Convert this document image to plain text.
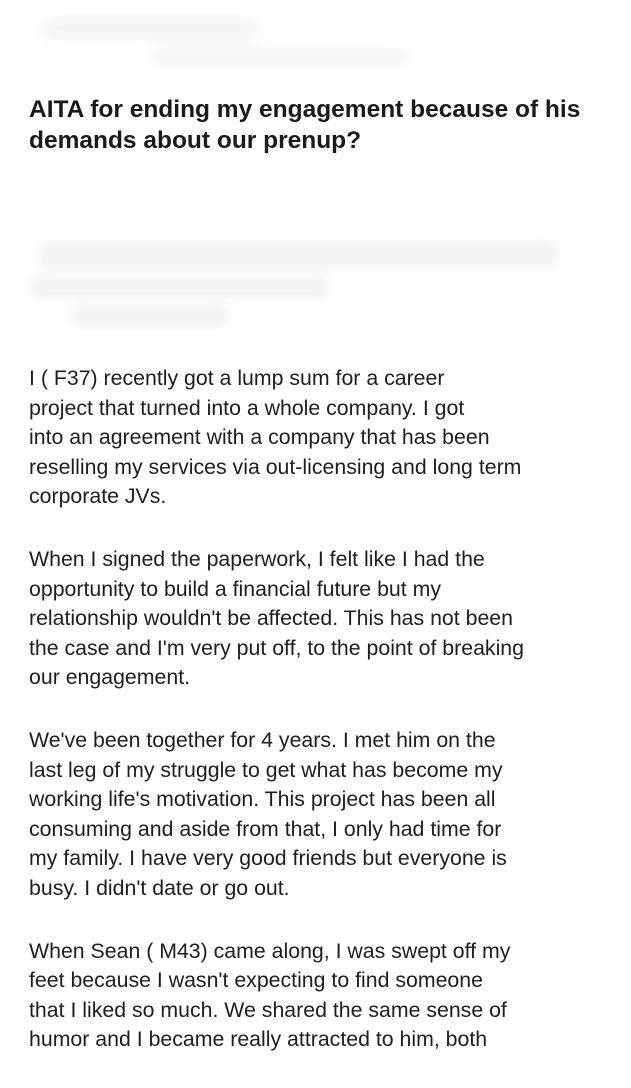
AITA for ending my engagement because of his demands about our prenup?

I ( F37) recently got a lump sum for a career
project that turned into a whole company. I got
into an agreement with a company that has been
reselling my services via out-licensing and long term
corporate JVs.

When I signed the paperwork, I felt like I had the
opportunity to build a financial future but my
relationship wouldn't be affected. This has not been
the case and I'm very put off, to the point of breaking
our engagement.

We've been together for 4 years. I met him on the
last leg of my struggle to get what has become my
working life's motivation. This project has been all
consuming and aside from that, I only had time for
my family. I have very good friends but everyone is
busy. I didn't date or go out.

When Sean ( M43) came along, I was swept off my
feet because I wasn't expecting to find someone
that I liked so much. We shared the same sense of
humor and I became really attracted to him, both
